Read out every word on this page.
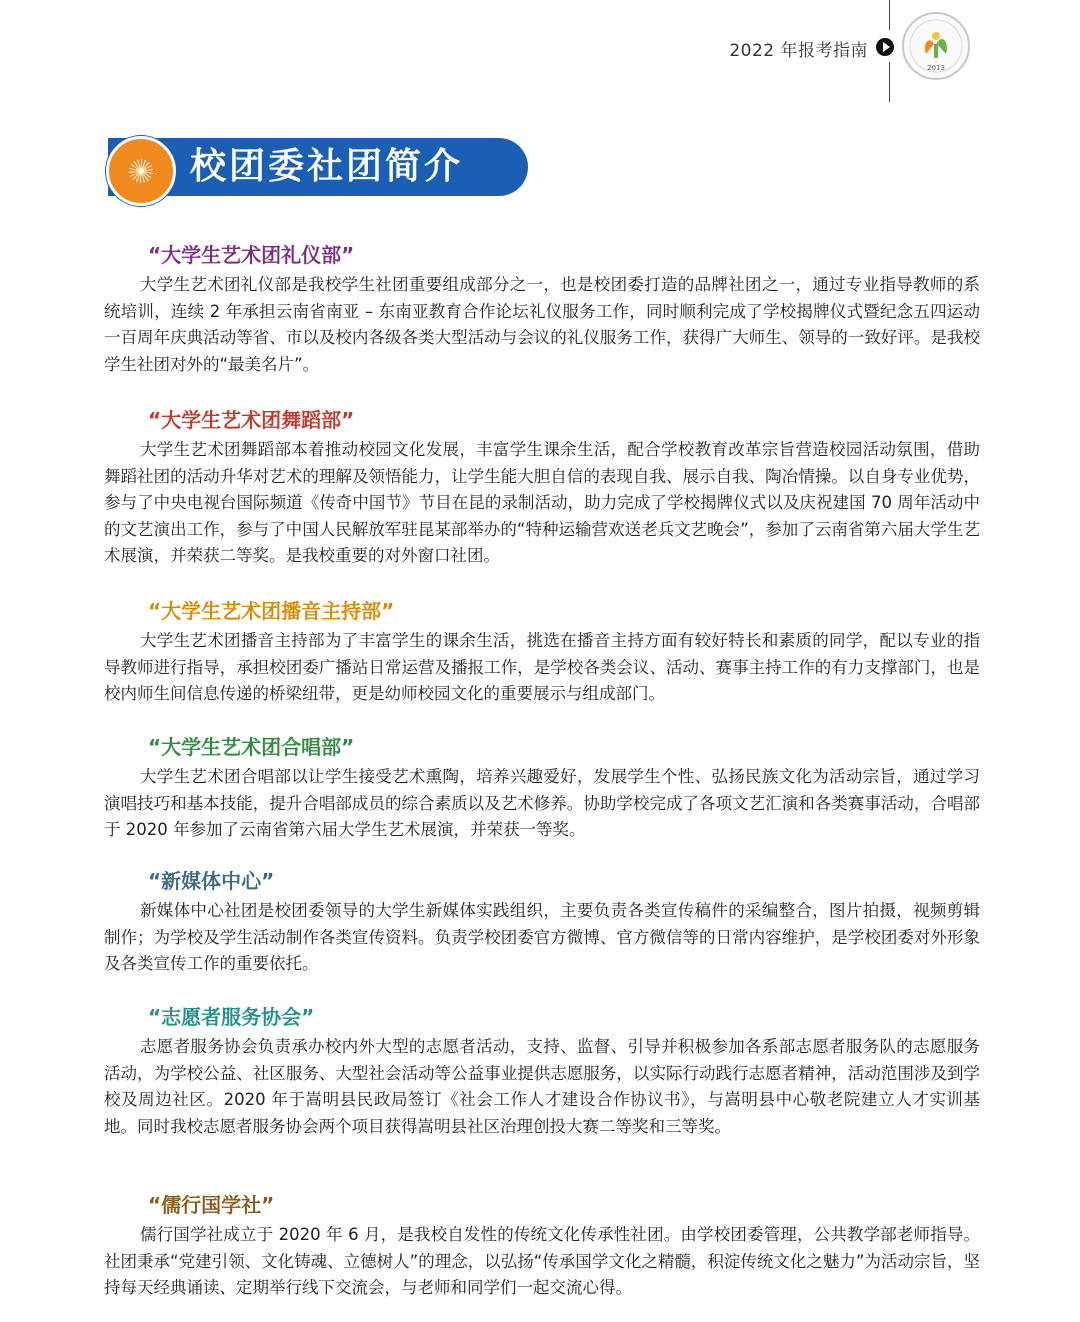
2022 年报考指南
2013
校团委社团简介
“大学生艺术团礼仪部”
大学生艺术团礼仪部是我校学生社团重要组成部分之一，也是校团委打造的品牌社团之一，通过专业指导教师的系统培训，连续 2 年承担云南省南亚 – 东南亚教育合作论坛礼仪服务工作，同时顺利完成了学校揭牌仪式暨纪念五四运动一百周年庆典活动等省、市以及校内各级各类大型活动与会议的礼仪服务工作，获得广大师生、领导的一致好评。是我校学生社团对外的“最美名片”。
“大学生艺术团舞蹈部”
大学生艺术团舞蹈部本着推动校园文化发展，丰富学生课余生活，配合学校教育改革宗旨营造校园活动氛围，借助舞蹈社团的活动升华对艺术的理解及领悟能力，让学生能大胆自信的表现自我、展示自我、陶冶情操。以自身专业优势，参与了中央电视台国际频道《传奇中国节》节目在昆的录制活动，助力完成了学校揭牌仪式以及庆祝建国 70 周年活动中的文艺演出工作，参与了中国人民解放军驻昆某部举办的“特种运输营欢送老兵文艺晚会”，参加了云南省第六届大学生艺术展演，并荣获二等奖。是我校重要的对外窗口社团。
“大学生艺术团播音主持部”
大学生艺术团播音主持部为了丰富学生的课余生活，挑选在播音主持方面有较好特长和素质的同学，配以专业的指导教师进行指导，承担校团委广播站日常运营及播报工作，是学校各类会议、活动、赛事主持工作的有力支撑部门，也是校内师生间信息传递的桥梁纽带，更是幼师校园文化的重要展示与组成部门。
“大学生艺术团合唱部”
大学生艺术团合唱部以让学生接受艺术熏陶，培养兴趣爱好，发展学生个性、弘扬民族文化为活动宗旨，通过学习演唱技巧和基本技能，提升合唱部成员的综合素质以及艺术修养。协助学校完成了各项文艺汇演和各类赛事活动，合唱部于 2020 年参加了云南省第六届大学生艺术展演，并荣获一等奖。
“新媒体中心”
新媒体中心社团是校团委领导的大学生新媒体实践组织，主要负责各类宣传稿件的采编整合，图片拍摄，视频剪辑制作；为学校及学生活动制作各类宣传资料。负责学校团委官方微博、官方微信等的日常内容维护，是学校团委对外形象及各类宣传工作的重要依托。
“志愿者服务协会”
志愿者服务协会负责承办校内外大型的志愿者活动，支持、监督、引导并积极参加各系部志愿者服务队的志愿服务活动，为学校公益、社区服务、大型社会活动等公益事业提供志愿服务，以实际行动践行志愿者精神，活动范围涉及到学校及周边社区。2020 年于嵩明县民政局签订《社会工作人才建设合作协议书》，与嵩明县中心敬老院建立人才实训基地。同时我校志愿者服务协会两个项目获得嵩明县社区治理创投大赛二等奖和三等奖。
“儒行国学社”
儒行国学社成立于 2020 年 6 月，是我校自发性的传统文化传承性社团。由学校团委管理，公共教学部老师指导。社团秉承“党建引领、文化铸魂、立德树人”的理念，以弘扬“传承国学文化之精髓，积淀传统文化之魅力”为活动宗旨，坚持每天经典诵读、定期举行线下交流会，与老师和同学们一起交流心得。
